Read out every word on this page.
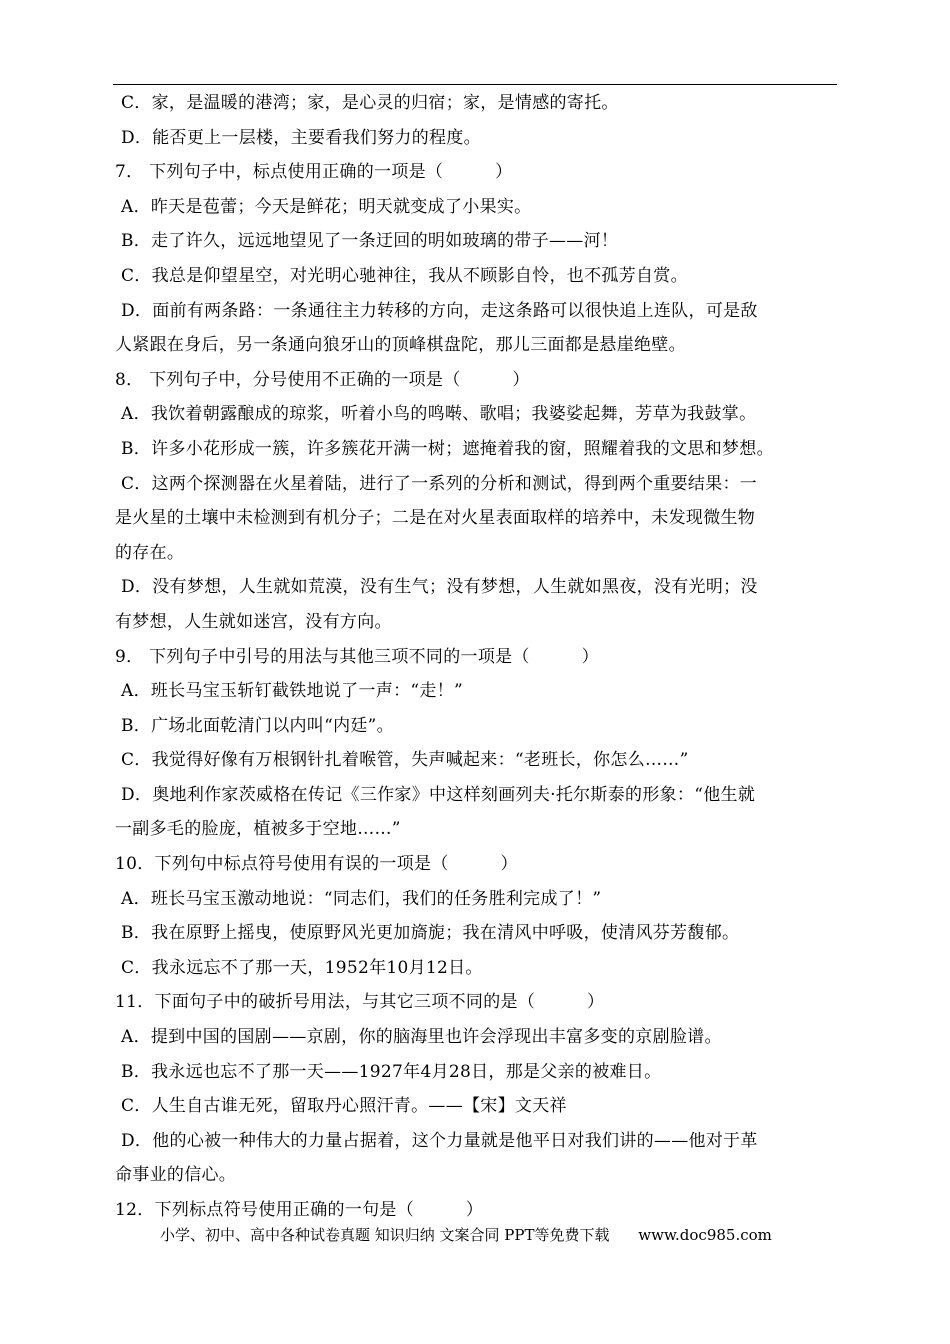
C．家，是温暖的港湾；家，是心灵的归宿；家，是情感的寄托。
D．能否更上一层楼，主要看我们努力的程度。
7． 下列句子中，标点使用正确的一项是（　　　）
A．昨天是苞蕾；今天是鲜花；明天就变成了小果实。
B．走了许久，远远地望见了一条迂回的明如玻璃的带子——河！
C．我总是仰望星空，对光明心驰神往，我从不顾影自怜，也不孤芳自赏。
D．面前有两条路：一条通往主力转移的方向，走这条路可以很快追上连队，可是敌
人紧跟在身后，另一条通向狼牙山的顶峰棋盘陀，那儿三面都是悬崖绝壁。
8． 下列句子中，分号使用不正确的一项是（　　　）
A．我饮着朝露酿成的琼浆，听着小鸟的鸣啭、歌唱；我婆娑起舞，芳草为我鼓掌。
B．许多小花形成一簇，许多簇花开满一树；遮掩着我的窗，照耀着我的文思和梦想。
C．这两个探测器在火星着陆，进行了一系列的分析和测试，得到两个重要结果：一
是火星的土壤中未检测到有机分子；二是在对火星表面取样的培养中，未发现微生物
的存在。
D．没有梦想，人生就如荒漠，没有生气；没有梦想，人生就如黑夜，没有光明；没
有梦想，人生就如迷宫，没有方向。
9． 下列句子中引号的用法与其他三项不同的一项是（　　　）
A．班长马宝玉斩钉截铁地说了一声：“走！”
B．广场北面乾清门以内叫“内廷”。
C．我觉得好像有万根钢针扎着喉管，失声喊起来：“老班长，你怎么……”
D．奥地利作家茨威格在传记《三作家》中这样刻画列夫·托尔斯泰的形象：“他生就
一副多毛的脸庞，植被多于空地……”
10．下列句中标点符号使用有误的一项是（　　　）
A．班长马宝玉激动地说：“同志们，我们的任务胜利完成了！”
B．我在原野上摇曳，使原野风光更加旖旎；我在清风中呼吸，使清风芬芳馥郁。
C．我永远忘不了那一天，1952年10月12日。
11．下面句子中的破折号用法，与其它三项不同的是（　　　）
A．提到中国的国剧——京剧，你的脑海里也许会浮现出丰富多变的京剧脸谱。
B．我永远也忘不了那一天——1927年4月28日，那是父亲的被难日。
C．人生自古谁无死，留取丹心照汗青。——【宋】文天祥
D．他的心被一种伟大的力量占据着，这个力量就是他平日对我们讲的——他对于革
命事业的信心。
12．下列标点符号使用正确的一句是（　　　）
小学、初中、高中各种试卷真题 知识归纳 文案合同 PPT等免费下载 www.doc985.com
